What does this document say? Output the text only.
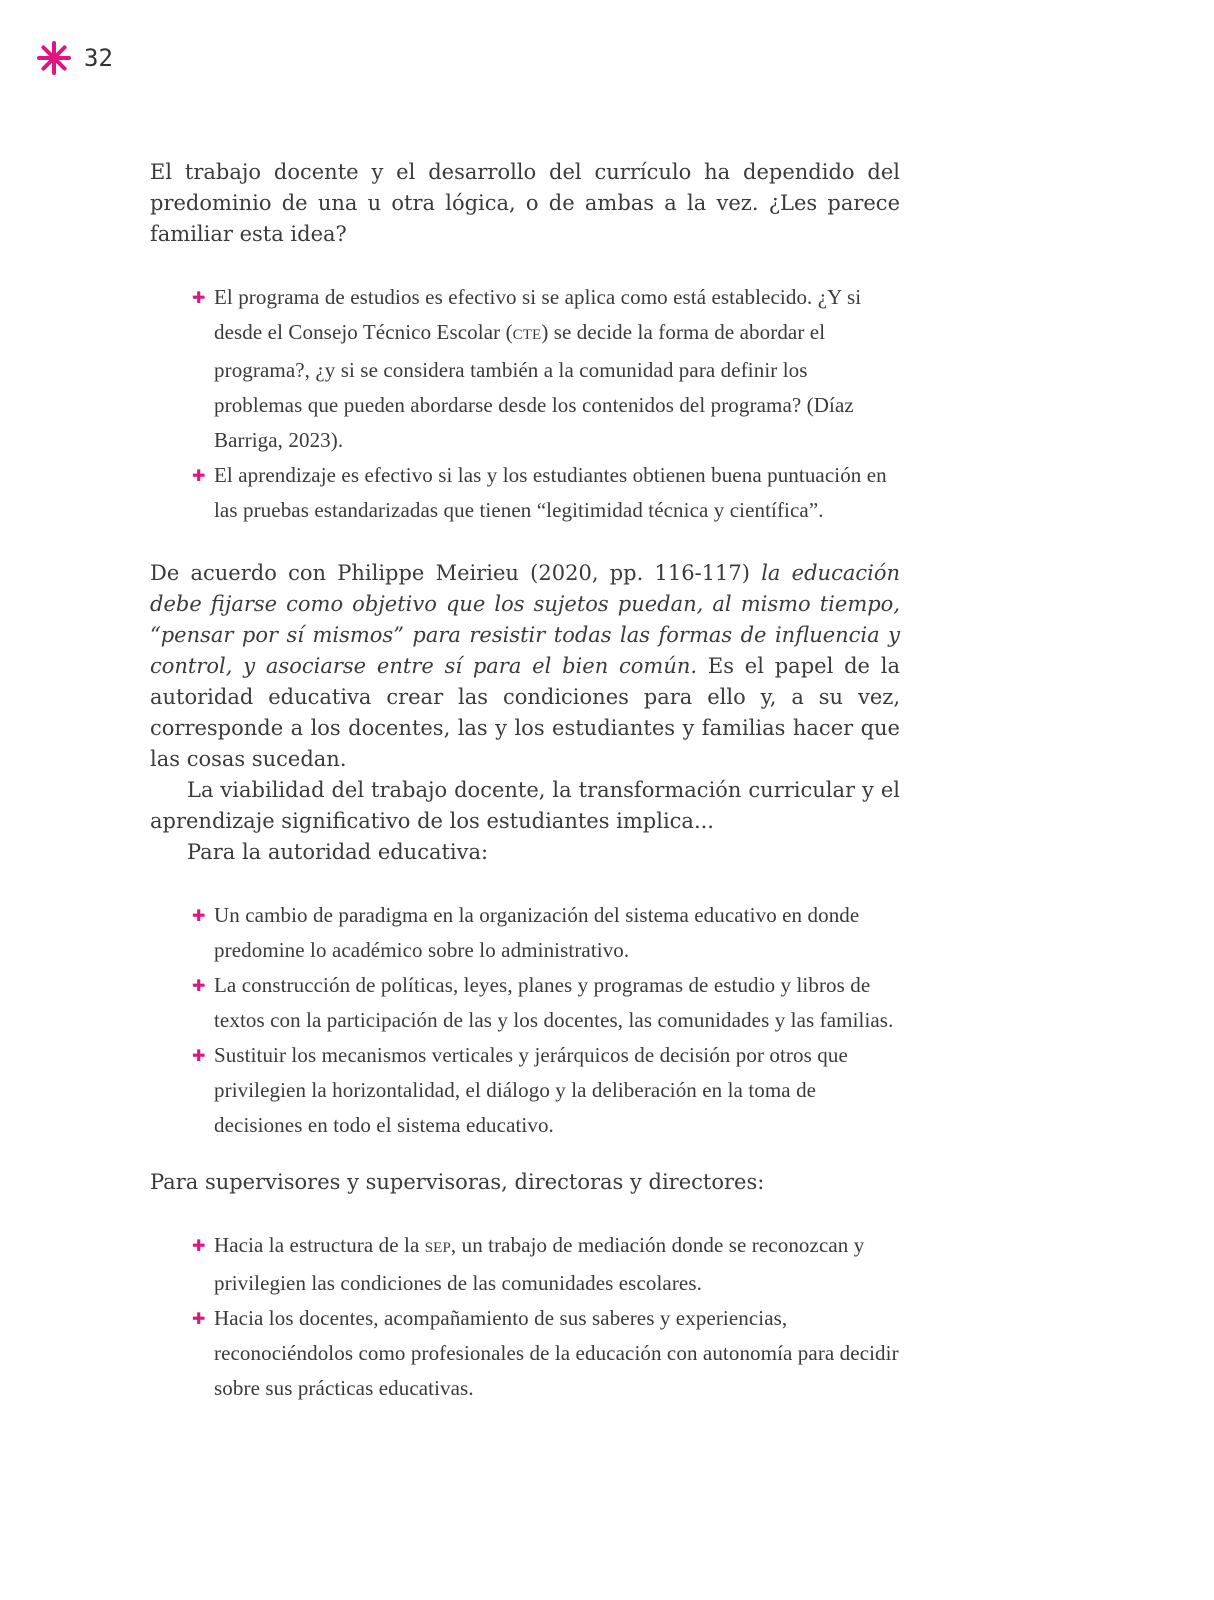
32

El trabajo docente y el desarrollo del currículo ha dependido del predominio de una u otra lógica, o de ambas a la vez. ¿Les parece familiar esta idea?

✚ El programa de estudios es efectivo si se aplica como está establecido. ¿Y si desde el Consejo Técnico Escolar (CTE) se decide la forma de abordar el programa?, ¿y si se considera también a la comunidad para definir los problemas que pueden abordarse desde los contenidos del programa? (Díaz Barriga, 2023).
✚ El aprendizaje es efectivo si las y los estudiantes obtienen buena puntuación en las pruebas estandarizadas que tienen “legitimidad técnica y científica”.

De acuerdo con Philippe Meirieu (2020, pp. 116-117) la educación debe fijarse como objetivo que los sujetos puedan, al mismo tiempo, “pensar por sí mismos” para resistir todas las formas de influencia y control, y asociarse entre sí para el bien común. Es el papel de la autoridad educativa crear las condiciones para ello y, a su vez, corresponde a los docentes, las y los estudiantes y familias hacer que las cosas sucedan.

La viabilidad del trabajo docente, la transformación curricular y el aprendizaje significativo de los estudiantes implica...

Para la autoridad educativa:

✚ Un cambio de paradigma en la organización del sistema educativo en donde predomine lo académico sobre lo administrativo.
✚ La construcción de políticas, leyes, planes y programas de estudio y libros de textos con la participación de las y los docentes, las comunidades y las familias.
✚ Sustituir los mecanismos verticales y jerárquicos de decisión por otros que privilegien la horizontalidad, el diálogo y la deliberación en la toma de decisiones en todo el sistema educativo.

Para supervisores y supervisoras, directoras y directores:

✚ Hacia la estructura de la SEP, un trabajo de mediación donde se reconozcan y privilegien las condiciones de las comunidades escolares.
✚ Hacia los docentes, acompañamiento de sus saberes y experiencias, reconociéndolos como profesionales de la educación con autonomía para decidir sobre sus prácticas educativas.
